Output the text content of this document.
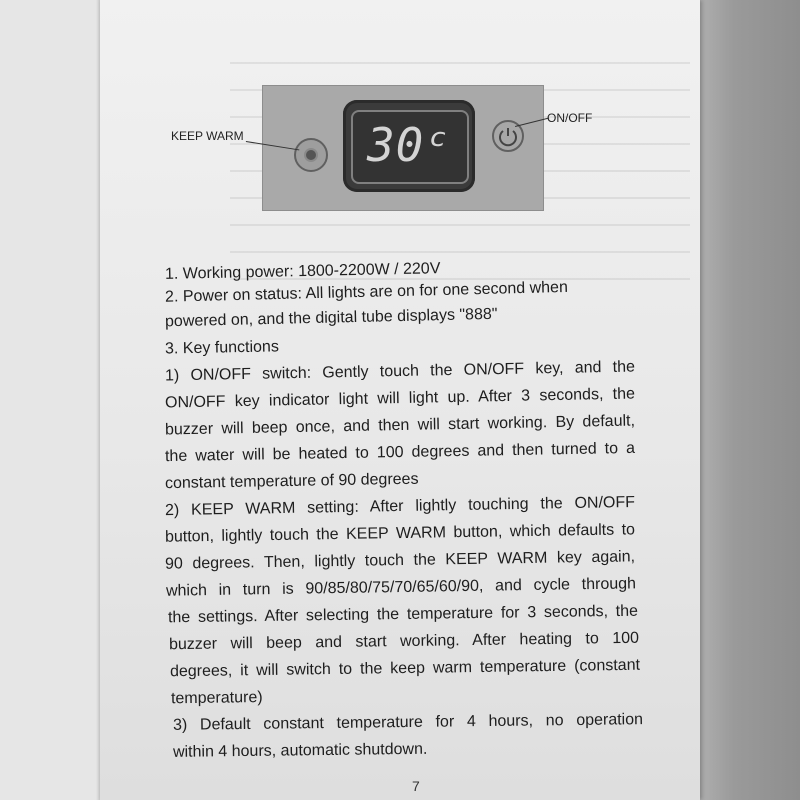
30ᶜ
KEEP WARM
ON/OFF
1. Working power: 1800-2200W / 220V
2. Power on status: All lights are on for one second when
powered on, and the digital tube displays "888"
3. Key functions
1) ON/OFF switch: Gently touch the ON/OFF key, and the
ON/OFF key indicator light will light up. After 3 seconds, the
buzzer will beep once, and then will start working. By default,
the water will be heated to 100 degrees and then turned to a
constant temperature of 90 degrees
2) KEEP WARM setting: After lightly touching the ON/OFF
button, lightly touch the KEEP WARM button, which defaults to
90 degrees. Then, lightly touch the KEEP WARM key again,
which in turn is 90/85/80/75/70/65/60/90, and cycle through
the settings. After selecting the temperature for 3 seconds, the
buzzer will beep and start working. After heating to 100
degrees, it will switch to the keep warm temperature (constant
temperature)
3) Default constant temperature for 4 hours, no operation
within 4 hours, automatic shutdown.
7
